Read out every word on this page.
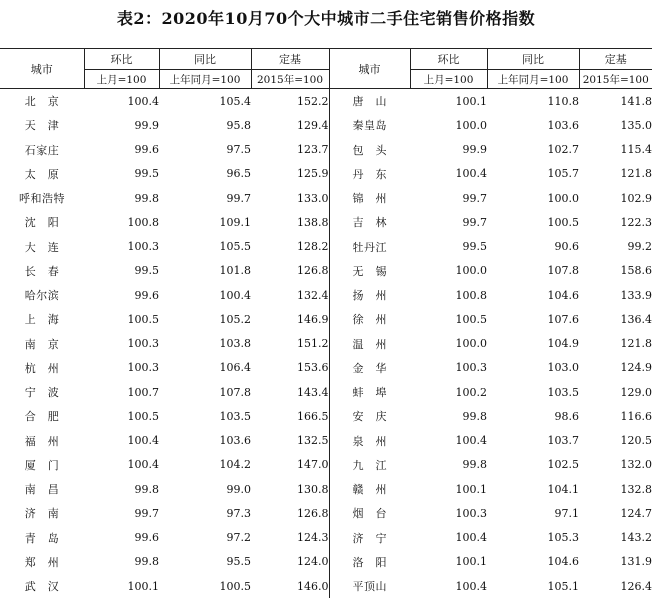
表2：2020年10月70个大中城市二手住宅销售价格指数
城市	环比	同比	定基	城市	环比	同比	定基
	上月=100	上年同月=100	2015年=100		上月=100	上年同月=100	2015年=100
北　京	100.4	105.4	152.2	唐　山	100.1	110.8	141.8
天　津	99.9	95.8	129.4	秦皇岛	100.0	103.6	135.0
石家庄	99.6	97.5	123.7	包　头	99.9	102.7	115.4
太　原	99.5	96.5	125.9	丹　东	100.4	105.7	121.8
呼和浩特	99.8	99.7	133.0	锦　州	99.7	100.0	102.9
沈　阳	100.8	109.1	138.8	吉　林	99.7	100.5	122.3
大　连	100.3	105.5	128.2	牡丹江	99.5	90.6	99.2
长　春	99.5	101.8	126.8	无　锡	100.0	107.8	158.6
哈尔滨	99.6	100.4	132.4	扬　州	100.8	104.6	133.9
上　海	100.5	105.2	146.9	徐　州	100.5	107.6	136.4
南　京	100.3	103.8	151.2	温　州	100.0	104.9	121.8
杭　州	100.3	106.4	153.6	金　华	100.3	103.0	124.9
宁　波	100.7	107.8	143.4	蚌　埠	100.2	103.5	129.0
合　肥	100.5	103.5	166.5	安　庆	99.8	98.6	116.6
福　州	100.4	103.6	132.5	泉　州	100.4	103.7	120.5
厦　门	100.4	104.2	147.0	九　江	99.8	102.5	132.0
南　昌	99.8	99.0	130.8	赣　州	100.1	104.1	132.8
济　南	99.7	97.3	126.8	烟　台	100.3	97.1	124.7
青　岛	99.6	97.2	124.3	济　宁	100.4	105.3	143.2
郑　州	99.8	95.5	124.0	洛　阳	100.1	104.6	131.9
武　汉	100.1	100.5	146.0	平顶山	100.4	105.1	126.4
